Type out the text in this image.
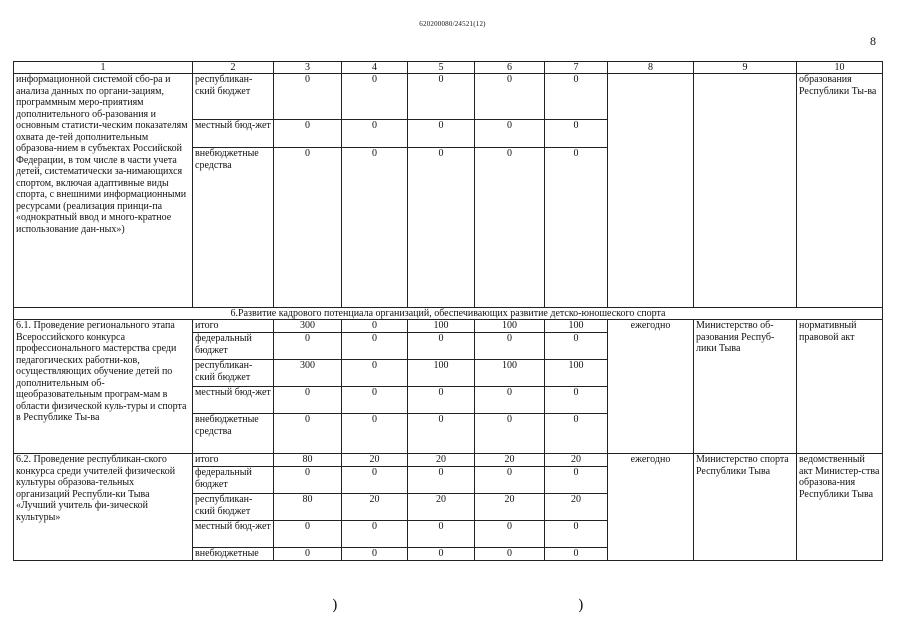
620200080/24521(12)
8
1	2	3	4	5	6	7	8	9	10
информационной системой сбо-ра и анализа данных по органи-зациям, программным меро-приятиям дополнительного об-разования и основным статисти-ческим показателям охвата де-тей дополнительным образова-нием в субъектах Российской Федерации, в том числе в части учета детей, систематически за-нимающихся спортом, включая адаптивные виды спорта, с внешними информационными ресурсами (реализация принци-па «однократный ввод и много-кратное использование дан-ных»)	республикан-ский бюджет	0	0	0	0	0			образования Республики Ты-ва
	местный бюд-жет	0	0	0	0	0			
	внебюджетные средства	0	0	0	0	0			
6.Развитие кадрового потенциала организаций, обеспечивающих развитие детско-юношеского спорта									
6.1. Проведение регионального этапа Всероссийского конкурса профессионального мастерства среди педагогических работни-ков, осуществляющих обучение детей по дополнительным об-щеобразовательным програм-мам в области физической куль-туры и спорта в Республике Ты-ва	итого	300	0	100	100	100	ежегодно	Министерство об-разования Респуб-лики Тыва	нормативный правовой акт
	федеральный бюджет	0	0	0	0	0			
	республикан-ский бюджет	300	0	100	100	100			
	местный бюд-жет	0	0	0	0	0			
	внебюджетные средства	0	0	0	0	0			
6.2. Проведение республикан-ского конкурса среди учителей физической культуры образова-тельных организаций Республи-ки Тыва «Лучший учитель фи-зической культуры»	итого	80	20	20	20	20	ежегодно	Министерство спорта Республики Тыва	ведомственный акт Министер-ства образова-ния Республики Тыва
	федеральный бюджет	0	0	0	0	0			
	республикан-ский бюджет	80	20	20	20	20			
	местный бюд-жет	0	0	0	0	0			
	внебюджетные	0	0	0	0	0			
)	)
